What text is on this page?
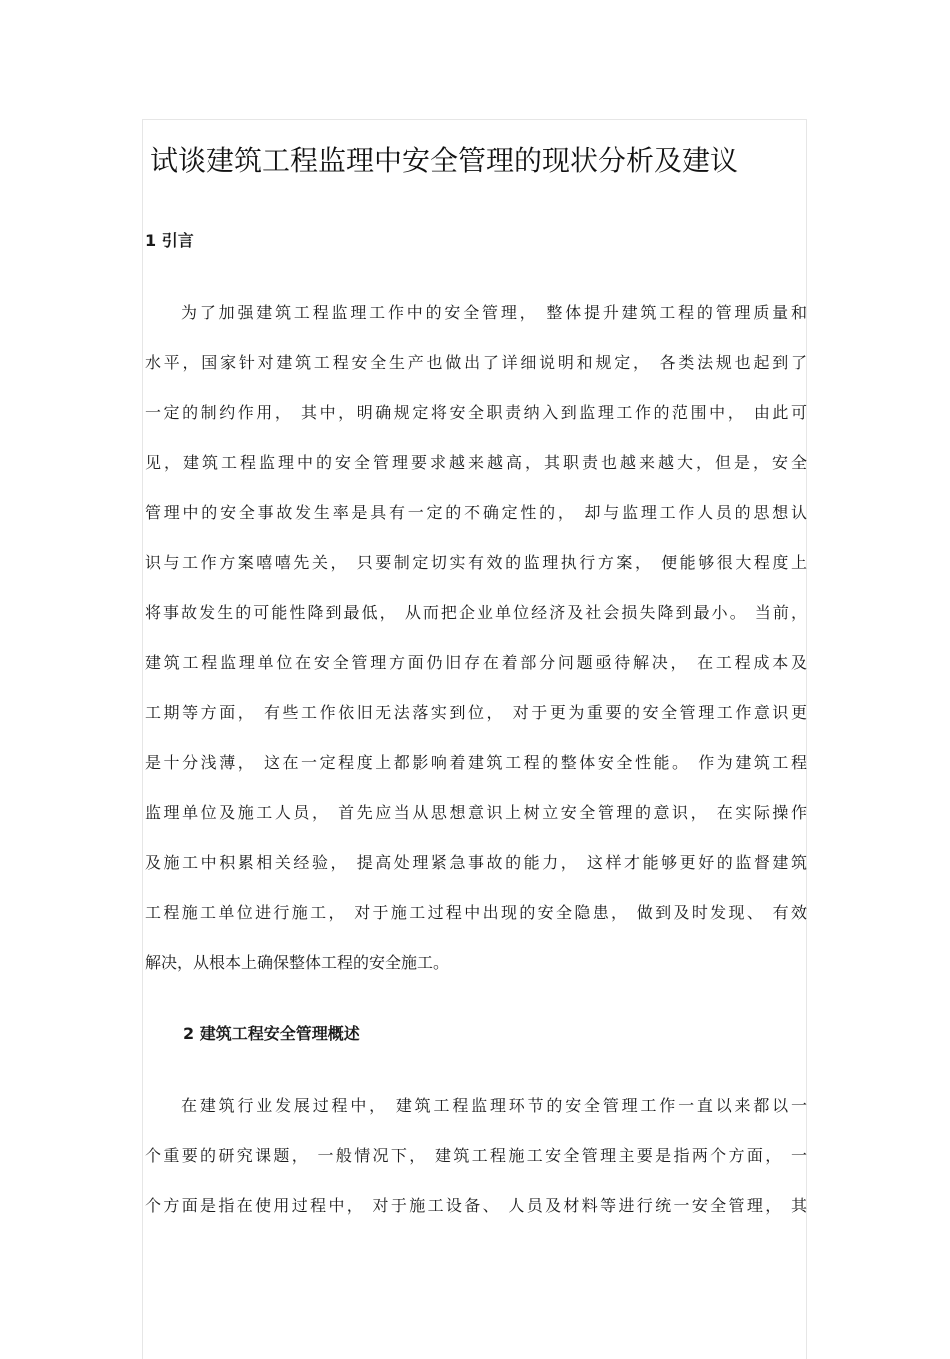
试谈建筑工程监理中安全管理的现状分析及建议
1 引言
为了加强建筑工程监理工作中的安全管理， 整体提升建筑工程的管理质量和
水平，国家针对建筑工程安全生产也做出了详细说明和规定， 各类法规也起到了
一定的制约作用， 其中，明确规定将安全职责纳入到监理工作的范围中， 由此可
见，建筑工程监理中的安全管理要求越来越高，其职责也越来越大，但是，安全
管理中的安全事故发生率是具有一定的不确定性的， 却与监理工作人员的思想认
识与工作方案嘻嘻先关， 只要制定切实有效的监理执行方案， 便能够很大程度上
将事故发生的可能性降到最低， 从而把企业单位经济及社会损失降到最小。 当前，
建筑工程监理单位在安全管理方面仍旧存在着部分问题亟待解决， 在工程成本及
工期等方面， 有些工作依旧无法落实到位， 对于更为重要的安全管理工作意识更
是十分浅薄， 这在一定程度上都影响着建筑工程的整体安全性能。 作为建筑工程
监理单位及施工人员， 首先应当从思想意识上树立安全管理的意识， 在实际操作
及施工中积累相关经验， 提高处理紧急事故的能力， 这样才能够更好的监督建筑
工程施工单位进行施工， 对于施工过程中出现的安全隐患， 做到及时发现、 有效
解决，从根本上确保整体工程的安全施工。
2 建筑工程安全管理概述
在建筑行业发展过程中， 建筑工程监理环节的安全管理工作一直以来都以一
个重要的研究课题， 一般情况下， 建筑工程施工安全管理主要是指两个方面， 一
个方面是指在使用过程中， 对于施工设备、 人员及材料等进行统一安全管理， 其
